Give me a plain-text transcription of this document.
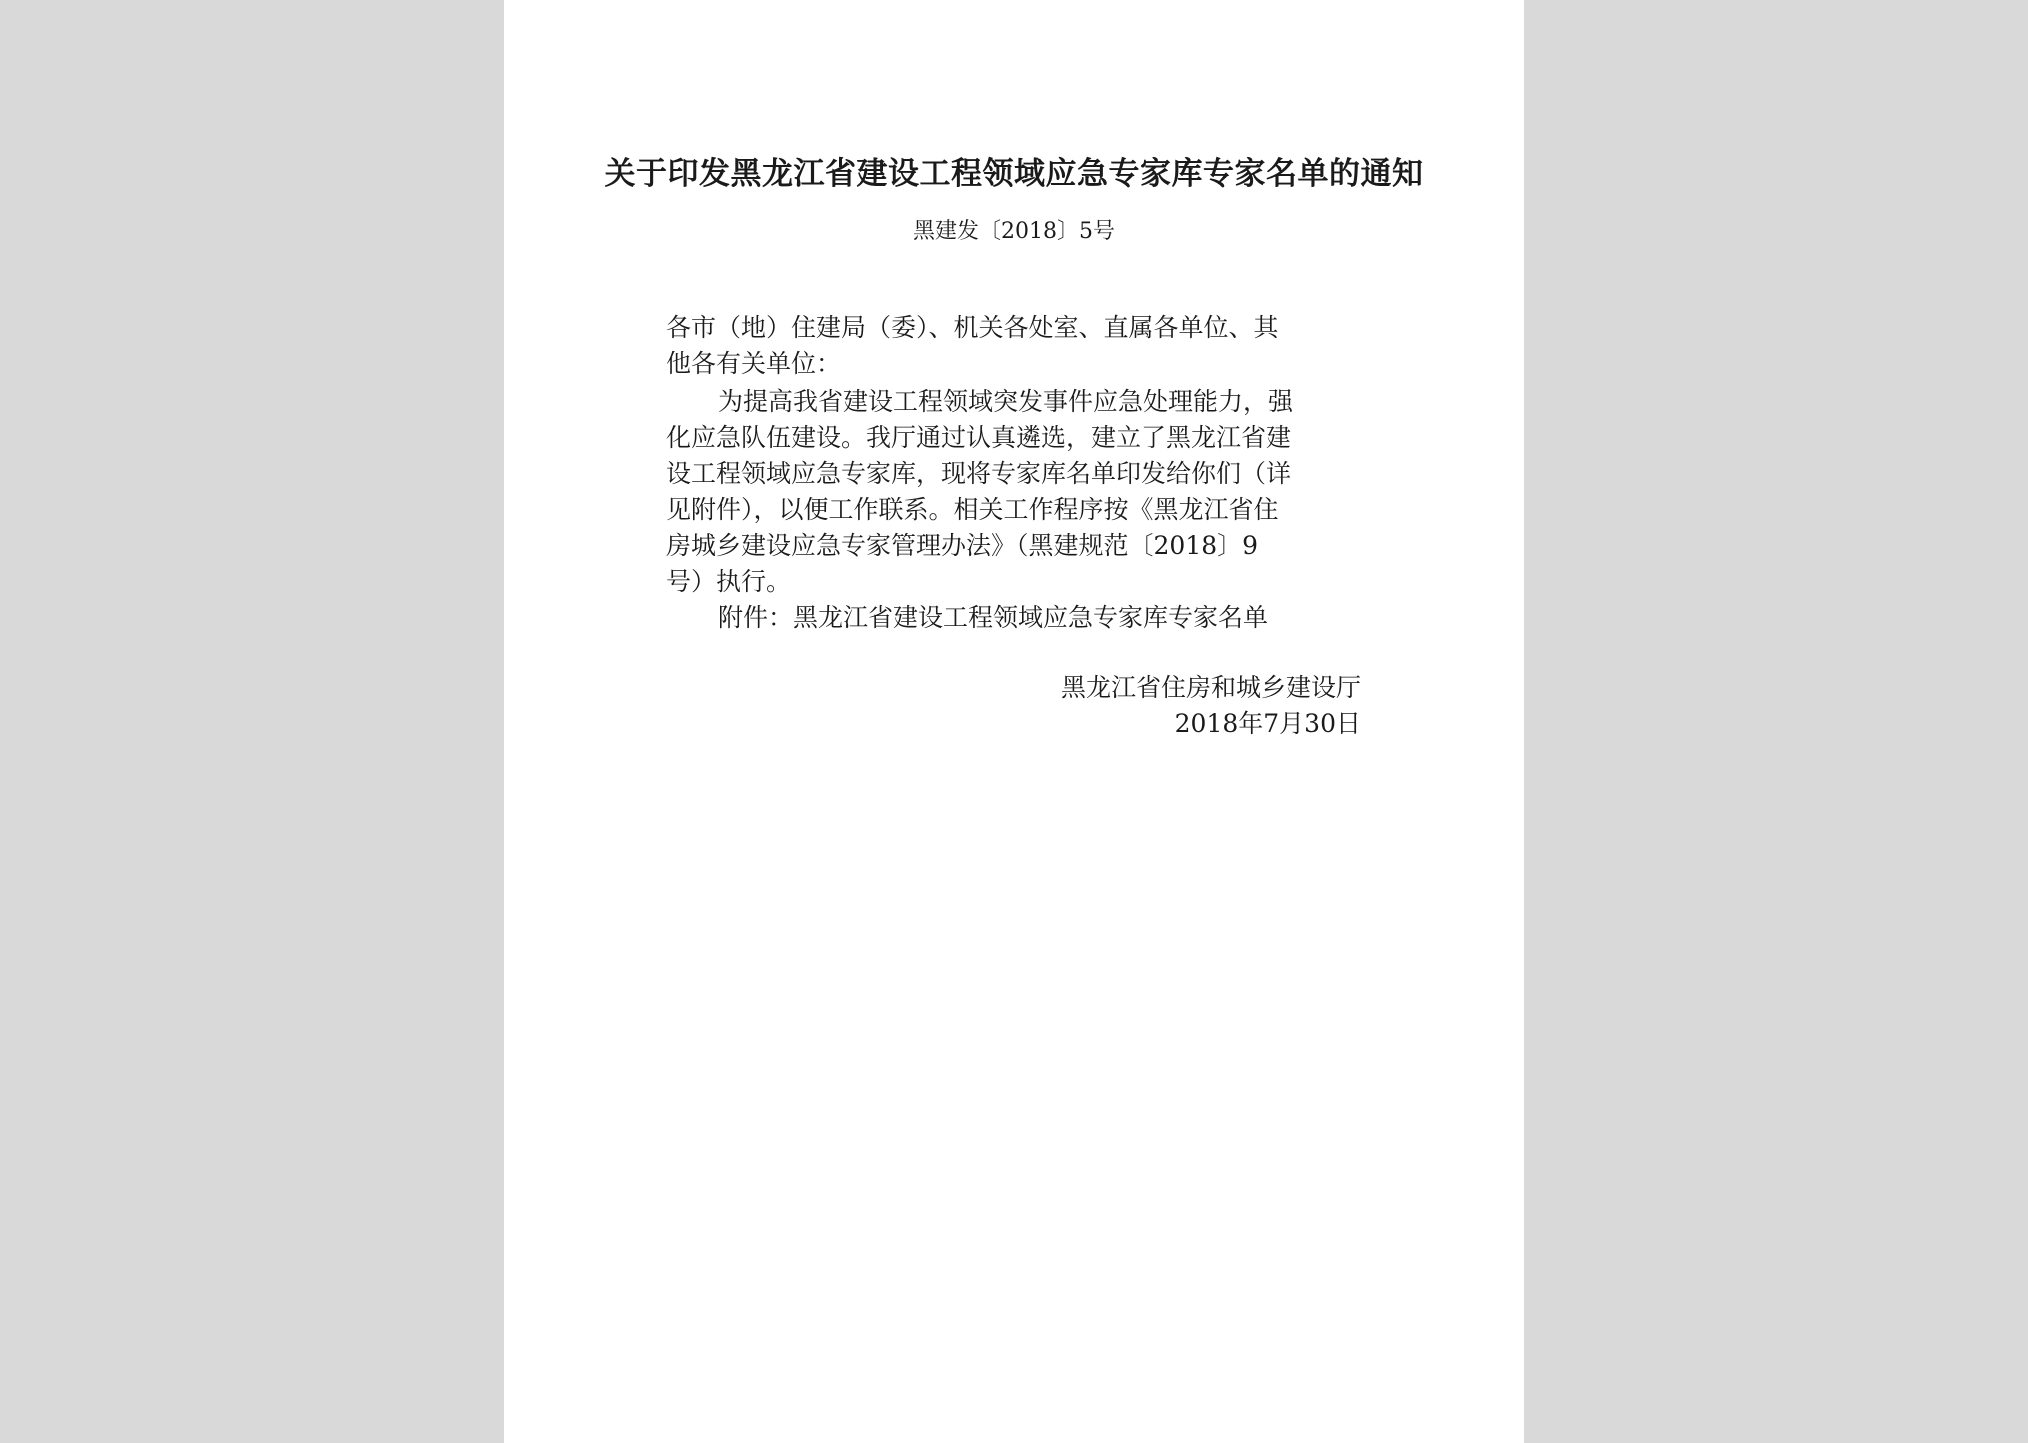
关于印发黑龙江省建设工程领域应急专家库专家名单的通知
黑建发〔2018〕5号
各市（地）住建局（委）、机关各处室、直属各单位、其
他各有关单位：
为提高我省建设工程领域突发事件应急处理能力，强
化应急队伍建设。我厅通过认真遴选，建立了黑龙江省建
设工程领域应急专家库，现将专家库名单印发给你们（详
见附件），以便工作联系。相关工作程序按《黑龙江省住
房城乡建设应急专家管理办法》（黑建规范〔2018〕9
号）执行。
附件：黑龙江省建设工程领域应急专家库专家名单
黑龙江省住房和城乡建设厅
2018年7月30日
